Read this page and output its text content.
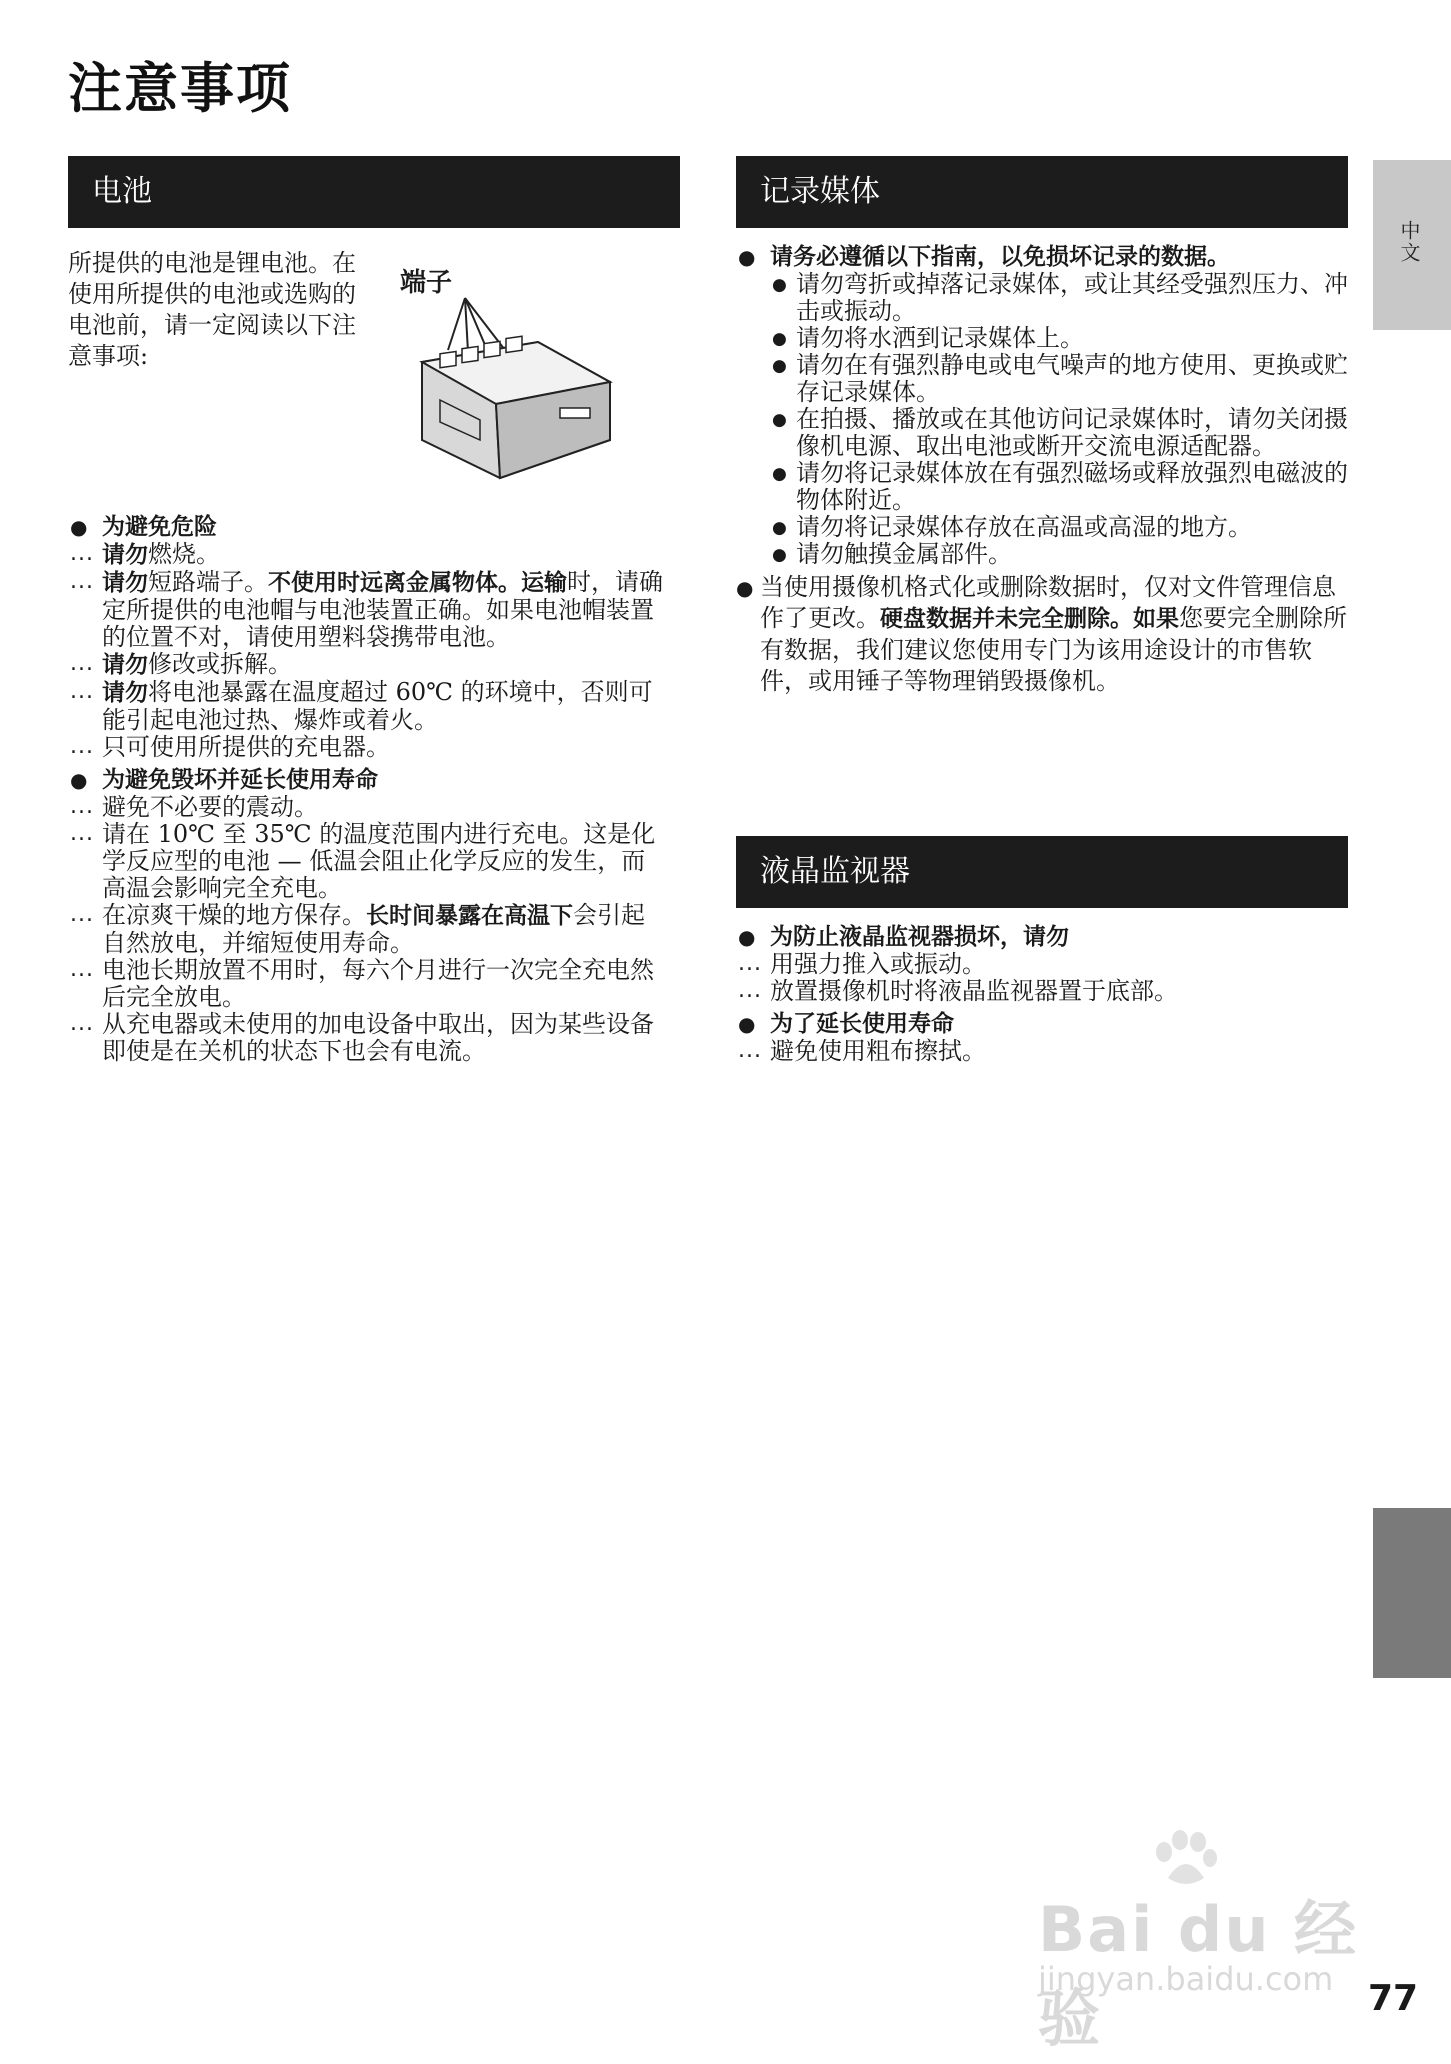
注意事项
电池
所提供的电池是锂电池。在使用所提供的电池或选购的电池前，请一定阅读以下注意事项:
端子
● 为避免危险
... 请勿燃烧。
... 请勿短路端子。不使用时远离金属物体。运输时，请确定所提供的电池帽与电池装置正确。如果电池帽装置的位置不对，请使用塑料袋携带电池。
... 请勿修改或拆解。
... 请勿将电池暴露在温度超过 60℃ 的环境中，否则可能引起电池过热、爆炸或着火。
... 只可使用所提供的充电器。
● 为避免毁坏并延长使用寿命
... 避免不必要的震动。
... 请在 10℃ 至 35℃ 的温度范围内进行充电。这是化学反应型的电池 — 低温会阻止化学反应的发生，而高温会影响完全充电。
... 在凉爽干燥的地方保存。长时间暴露在高温下会引起自然放电，并缩短使用寿命。
... 电池长期放置不用时，每六个月进行一次完全充电然后完全放电。
... 从充电器或未使用的加电设备中取出，因为某些设备即使是在关机的状态下也会有电流。
记录媒体
● 请务必遵循以下指南，以免损坏记录的数据。
● 请勿弯折或掉落记录媒体，或让其经受强烈压力、冲击或振动。
● 请勿将水洒到记录媒体上。
● 请勿在有强烈静电或电气噪声的地方使用、更换或贮存记录媒体。
● 在拍摄、播放或在其他访问记录媒体时，请勿关闭摄像机电源、取出电池或断开交流电源适配器。
● 请勿将记录媒体放在有强烈磁场或释放强烈电磁波的物体附近。
● 请勿将记录媒体存放在高温或高湿的地方。
● 请勿触摸金属部件。
● 当使用摄像机格式化或删除数据时，仅对文件管理信息作了更改。硬盘数据并未完全删除。如果您要完全删除所有数据，我们建议您使用专门为该用途设计的市售软件，或用锤子等物理销毁摄像机。
液晶监视器
● 为防止液晶监视器损坏，请勿
... 用强力推入或振动。
... 放置摄像机时将液晶监视器置于底部。
● 为了延长使用寿命
... 避免使用粗布擦拭。
中文
Bai du 经验
jingyan.baidu.com 77
